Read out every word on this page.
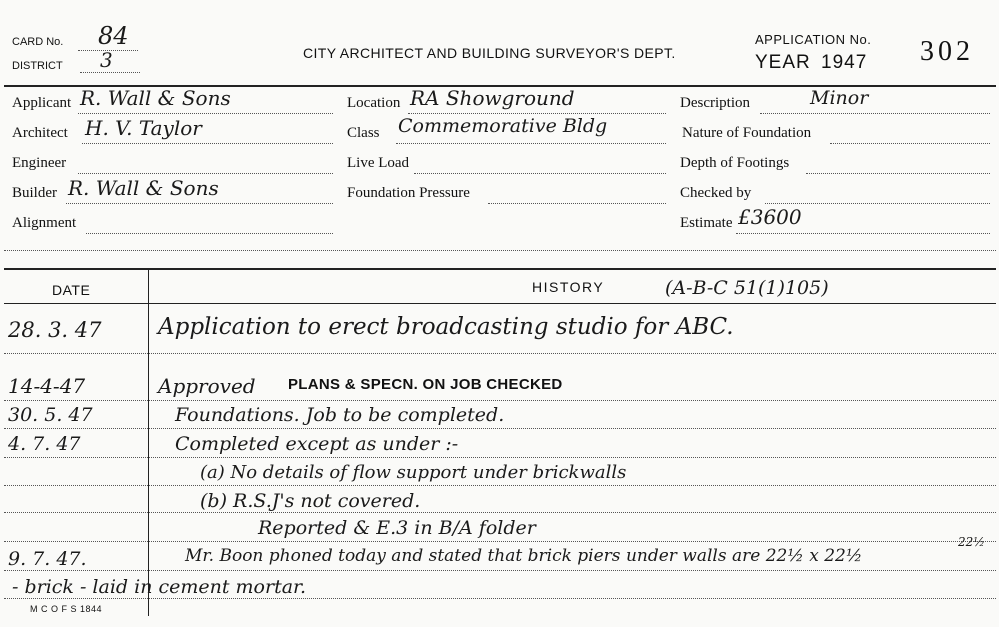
CARD No. 84
DISTRICT 3	CITY ARCHITECT AND BUILDING SURVEYOR'S DEPT.
APPLICATION No. 302
YEAR 1947
Applicant R. Wall & Sons
Architect H. V. Taylor
Engineer
Builder R. Wall & Sons
Alignment
Location RA Showground
Class Commemorative Bldg
Live Load
Foundation Pressure
Description	Minor
Nature of Foundation
Depth of Footings
Checked by
Estimate £3600
DATE	HISTORY	(A-B-C 51(1)105)
28. 3. 47 Application to erect broadcasting studio for ABC.
14-4-47	Approved PLANS & SPECN. ON JOB CHECKED
30. 5. 47	Foundations. Job to be completed.
4. 7. 47	Completed except as under :-
(a) No details of flow support under brickwalls
(b) R.S.J's not covered.
Reported & E.3 in B/A folder
9. 7. 47.	Mr. Boon phoned today and stated that brick piers under walls are 22½ x 22½
22½
- brick - laid in cement mortar.
M C O F S 1844
